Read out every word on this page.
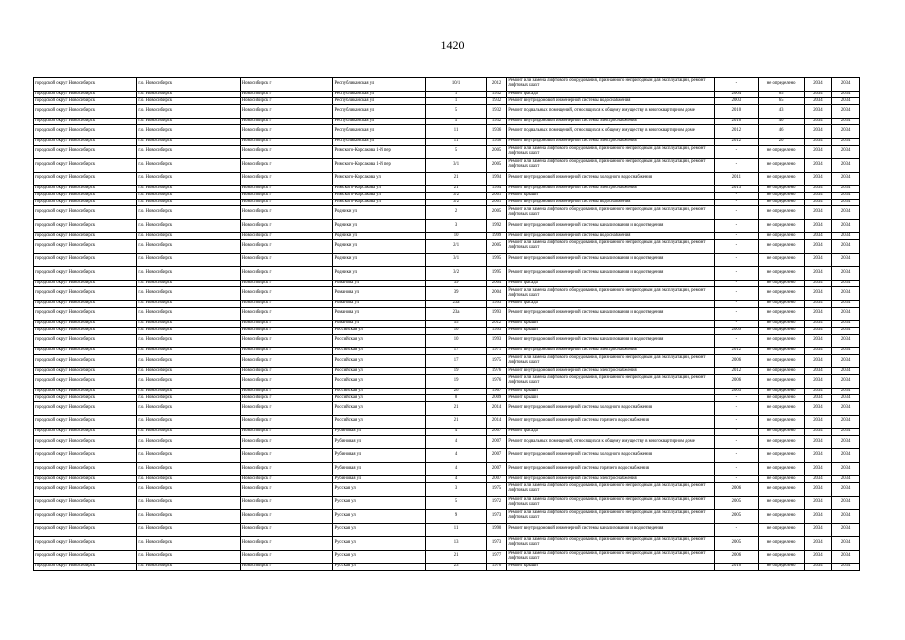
1420
городской округ Новосибирск	г.о. Новосибирск	Новосибирск г	Республиканская ул	10/1	2012	Ремонт или замена лифтового оборудования, признанного непригодным для эксплуатации, ремонт лифтовых шахт	-	не определено	2034	2034
городской округ Новосибирск	г.о. Новосибирск	Новосибирск г	Республиканская ул	1	1932	Ремонт фасада	2004	65	2034	2034
городской округ Новосибирск	г.о. Новосибирск	Новосибирск г	Республиканская ул	1	1932	Ремонт внутридомовой инженерной системы водоснабжения	2003	65	2034	2034
городской округ Новосибирск	г.о. Новосибирск	Новосибирск г	Республиканская ул	5	1932	Ремонт подвальных помещений, относящихся к общему имуществу в многоквартирном доме	2010	43	2034	2034
городской округ Новосибирск	г.о. Новосибирск	Новосибирск г	Республиканская ул	5	1932	Ремонт внутридомовой инженерной системы электроснабжения	2010	40	2034	2034
городской округ Новосибирск	г.о. Новосибирск	Новосибирск г	Республиканская ул	11	1936	Ремонт подвальных помещений, относящихся к общему имуществу в многоквартирном доме	2012	46	2034	2034
городской округ Новосибирск	г.о. Новосибирск	Новосибирск г	Республиканская ул	11	1936	Ремонт внутридомовой инженерной системы электроснабжения	2012	20	2034	2034
городской округ Новосибирск	г.о. Новосибирск	Новосибирск г	Римского-Корсакова 1-й пер	5	2005	Ремонт или замена лифтового оборудования, признанного непригодным для эксплуатации, ремонт лифтовых шахт	-	не определено	2034	2034
городской округ Новосибирск	г.о. Новосибирск	Новосибирск г	Римского-Корсакова 1-й пер	3/1	2005	Ремонт или замена лифтового оборудования, признанного непригодным для эксплуатации, ремонт лифтовых шахт	-	не определено	2034	2034
городской округ Новосибирск	г.о. Новосибирск	Новосибирск г	Римского-Корсакова ул	21	1994	Ремонт внутридомовой инженерной системы холодного водоснабжения	2011	не определено	2034	2034
городской округ Новосибирск	г.о. Новосибирск	Новосибирск г	Римского-Корсакова ул	21	1994	Ремонт внутридомовой инженерной системы электроснабжения	2013	не определено	2034	2034
городской округ Новосибирск	г.о. Новосибирск	Новосибирск г	Римского-Корсакова ул	3/2	2001	Ремонт крыши	-	не определено	2034	2034
городской округ Новосибирск	г.о. Новосибирск	Новосибирск г	Римского-Корсакова ул	3/2	2001	Ремонт внутридомовой инженерной системы водоснабжения	-	не определено	2034	2034
городской округ Новосибирск	г.о. Новосибирск	Новосибирск г	Родники ул	2	2005	Ремонт или замена лифтового оборудования, признанного непригодным для эксплуатации, ремонт лифтовых шахт	-	не определено	2034	2034
городской округ Новосибирск	г.о. Новосибирск	Новосибирск г	Родники ул	3	1992	Ремонт внутридомовой инженерной системы канализования и водоотведения	-	не определено	2034	2034
городской округ Новосибирск	г.о. Новосибирск	Новосибирск г	Родники ул	10	1999	Ремонт внутридомовой инженерной системы водоснабжения	-	не определено	2034	2034
городской округ Новосибирск	г.о. Новосибирск	Новосибирск г	Родники ул	2/1	2005	Ремонт или замена лифтового оборудования, признанного непригодным для эксплуатации, ремонт лифтовых шахт	-	не определено	2034	2034
городской округ Новосибирск	г.о. Новосибирск	Новосибирск г	Родники ул	3/1	1995	Ремонт внутридомовой инженерной системы канализования и водоотведения	-	не определено	2034	2034
городской округ Новосибирск	г.о. Новосибирск	Новосибирск г	Родники ул	3/2	1995	Ремонт внутридомовой инженерной системы канализования и водоотведения	-	не определено	2034	2034
городской округ Новосибирск	г.о. Новосибирск	Новосибирск г	Романова ул	39	2004	Ремонт фасада	-	не определено	2034	2034
городской округ Новосибирск	г.о. Новосибирск	Новосибирск г	Романова ул	39	2004	Ремонт или замена лифтового оборудования, признанного непригодным для эксплуатации, ремонт лифтовых шахт	-	не определено	2034	2034
городской округ Новосибирск	г.о. Новосибирск	Новосибирск г	Романова ул	23а	1993	Ремонт фасада	-	не определено	2034	2034
городской округ Новосибирск	г.о. Новосибирск	Новосибирск г	Романова ул	23а	1993	Ремонт внутридомовой инженерной системы канализования и водоотведения	-	не определено	2034	2034
городской округ Новосибирск	г.о. Новосибирск	Новосибирск г	Романова ул	55	2012	Ремонт крыши	-	не определено	2034	2034
городской округ Новосибирск	г.о. Новосибирск	Новосибирск г	Российская ул	10	1993	Ремонт крыши	2009	не определено	2034	2034
городской округ Новосибирск	г.о. Новосибирск	Новосибирск г	Российская ул	10	1993	Ремонт внутридомовой инженерной системы канализования и водоотведения	-	не определено	2034	2034
городской округ Новосибирск	г.о. Новосибирск	Новосибирск г	Российская ул	17	1971	Ремонт внутридомовой инженерной системы электроснабжения	2012	не определено	2034	2034
городской округ Новосибирск	г.о. Новосибирск	Новосибирск г	Российская ул	17	1975	Ремонт или замена лифтового оборудования, признанного непригодным для эксплуатации, ремонт лифтовых шахт	2006	не определено	2034	2034
городской округ Новосибирск	г.о. Новосибирск	Новосибирск г	Российская ул	19	1976	Ремонт внутридомовой инженерной системы электроснабжения	2012	не определено	2034	2034
городской округ Новосибирск	г.о. Новосибирск	Новосибирск г	Российская ул	19	1976	Ремонт или замена лифтового оборудования, признанного непригодным для эксплуатации, ремонт лифтовых шахт	2006	не определено	2034	2034
городской округ Новосибирск	г.о. Новосибирск	Новосибирск г	Российская ул	26	1967	Ремонт крыши	2003	не определено	2034	2034
городской округ Новосибирск	г.о. Новосибирск	Новосибирск г	Российская ул	8	2009	Ремонт крыши	-	не определено	2034	2034
городской округ Новосибирск	г.о. Новосибирск	Новосибирск г	Российская ул	21	2014	Ремонт внутридомовой инженерной системы холодного водоснабжения	-	не определено	2034	2034
городской округ Новосибирск	г.о. Новосибирск	Новосибирск г	Российская ул	21	2014	Ремонт внутридомовой инженерной системы горячего водоснабжения	-	не определено	2034	2034
городской округ Новосибирск	г.о. Новосибирск	Новосибирск г	Рубиновая ул	4	2007	Ремонт фасада	-	не определено	2034	2034
городской округ Новосибирск	г.о. Новосибирск	Новосибирск г	Рубиновая ул	4	2007	Ремонт подвальных помещений, относящихся к общему имуществу в многоквартирном доме	-	не определено	2034	2034
городской округ Новосибирск	г.о. Новосибирск	Новосибирск г	Рубиновая ул	4	2007	Ремонт внутридомовой инженерной системы холодного водоснабжения	-	не определено	2034	2034
городской округ Новосибирск	г.о. Новосибирск	Новосибирск г	Рубиновая ул	4	2007	Ремонт внутридомовой инженерной системы горячего водоснабжения	-	не определено	2034	2034
городской округ Новосибирск	г.о. Новосибирск	Новосибирск г	Рубиновая ул	4	2007	Ремонт внутридомовой инженерной системы электроснабжения	-	не определено	2034	2034
городской округ Новосибирск	г.о. Новосибирск	Новосибирск г	Русская ул	3	1975	Ремонт или замена лифтового оборудования, признанного непригодным для эксплуатации, ремонт лифтовых шахт	2006	не определено	2034	2034
городской округ Новосибирск	г.о. Новосибирск	Новосибирск г	Русская ул	5	1972	Ремонт или замена лифтового оборудования, признанного непригодным для эксплуатации, ремонт лифтовых шахт	2005	не определено	2034	2034
городской округ Новосибирск	г.о. Новосибирск	Новосибирск г	Русская ул	9	1973	Ремонт или замена лифтового оборудования, признанного непригодным для эксплуатации, ремонт лифтовых шахт	2005	не определено	2034	2034
городской округ Новосибирск	г.о. Новосибирск	Новосибирск г	Русская ул	11	1990	Ремонт внутридомовой инженерной системы канализования и водоотведения	-	не определено	2034	2034
городской округ Новосибирск	г.о. Новосибирск	Новосибирск г	Русская ул	13	1973	Ремонт или замена лифтового оборудования, признанного непригодным для эксплуатации, ремонт лифтовых шахт	2005	не определено	2034	2034
городской округ Новосибирск	г.о. Новосибирск	Новосибирск г	Русская ул	21	1977	Ремонт или замена лифтового оборудования, признанного непригодным для эксплуатации, ремонт лифтовых шахт	2006	не определено	2034	2034
городской округ Новосибирск	г.о. Новосибирск	Новосибирск г	Русская ул	23	1976	Ремонт крыши	2010	не определено	2034	2034
